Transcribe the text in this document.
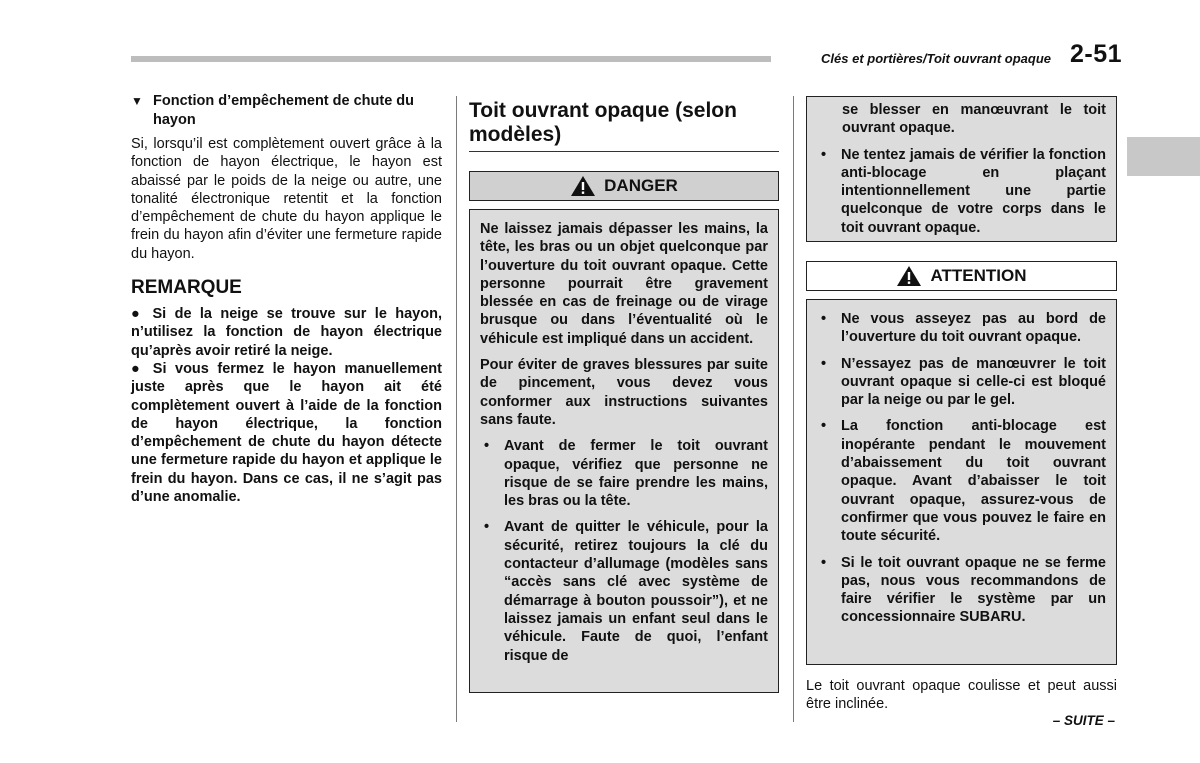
Clés et portières/Toit ouvrant opaque 2-51
▼ Fonction d’empêchement de chute du hayon

Si, lorsqu’il est complètement ouvert grâce à la fonction de hayon électrique, le hayon est abaissé par le poids de la neige ou autre, une tonalité électronique retentit et la fonction d’empêchement de chute du hayon applique le frein du hayon afin d’éviter une fermeture rapide du hayon.

REMARQUE

● Si de la neige se trouve sur le hayon, n’utilisez la fonction de hayon électrique qu’après avoir retiré la neige.

● Si vous fermez le hayon manuellement juste après que le hayon ait été complètement ouvert à l’aide de la fonction de hayon électrique, la fonction d’empêchement de chute du hayon détecte une fermeture rapide du hayon et applique le frein du hayon. Dans ce cas, il ne s’agit pas d’une anomalie.

Toit ouvrant opaque (selon modèles)
DANGER

Ne laissez jamais dépasser les mains, la tête, les bras ou un objet quelconque par l’ouverture du toit ouvrant opaque. Cette personne pourrait être gravement blessée en cas de freinage ou de virage brusque ou dans l’éventualité où le véhicule est impliqué dans un accident.

Pour éviter de graves blessures par suite de pincement, vous devez vous conformer aux instructions suivantes sans faute.

• Avant de fermer le toit ouvrant opaque, vérifiez que personne ne risque de se faire prendre les mains, les bras ou la tête.
• Avant de quitter le véhicule, pour la sécurité, retirez toujours la clé du contacteur d’allumage (modèles sans “accès sans clé avec système de démarrage à bouton poussoir”), et ne laissez jamais un enfant seul dans le véhicule. Faute de quoi, l’enfant risque de

se blesser en manœuvrant le toit ouvrant opaque.

• Ne tentez jamais de vérifier la fonction anti-blocage en plaçant intentionnellement une partie quelconque de votre corps dans le toit ouvrant opaque.
ATTENTION
• Ne vous asseyez pas au bord de l’ouverture du toit ouvrant opaque.
• N’essayez pas de manœuvrer le toit ouvrant opaque si celle-ci est bloqué par la neige ou par le gel.
• La fonction anti-blocage est inopérante pendant le mouvement d’abaissement du toit ouvrant opaque. Avant d’abaisser le toit ouvrant opaque, assurez-vous de confirmer que vous pouvez le faire en toute sécurité.
• Si le toit ouvrant opaque ne se ferme pas, nous vous recommandons de faire vérifier le système par un concessionnaire SUBARU.

Le toit ouvrant opaque coulisse et peut aussi être inclinée.

– SUITE –
